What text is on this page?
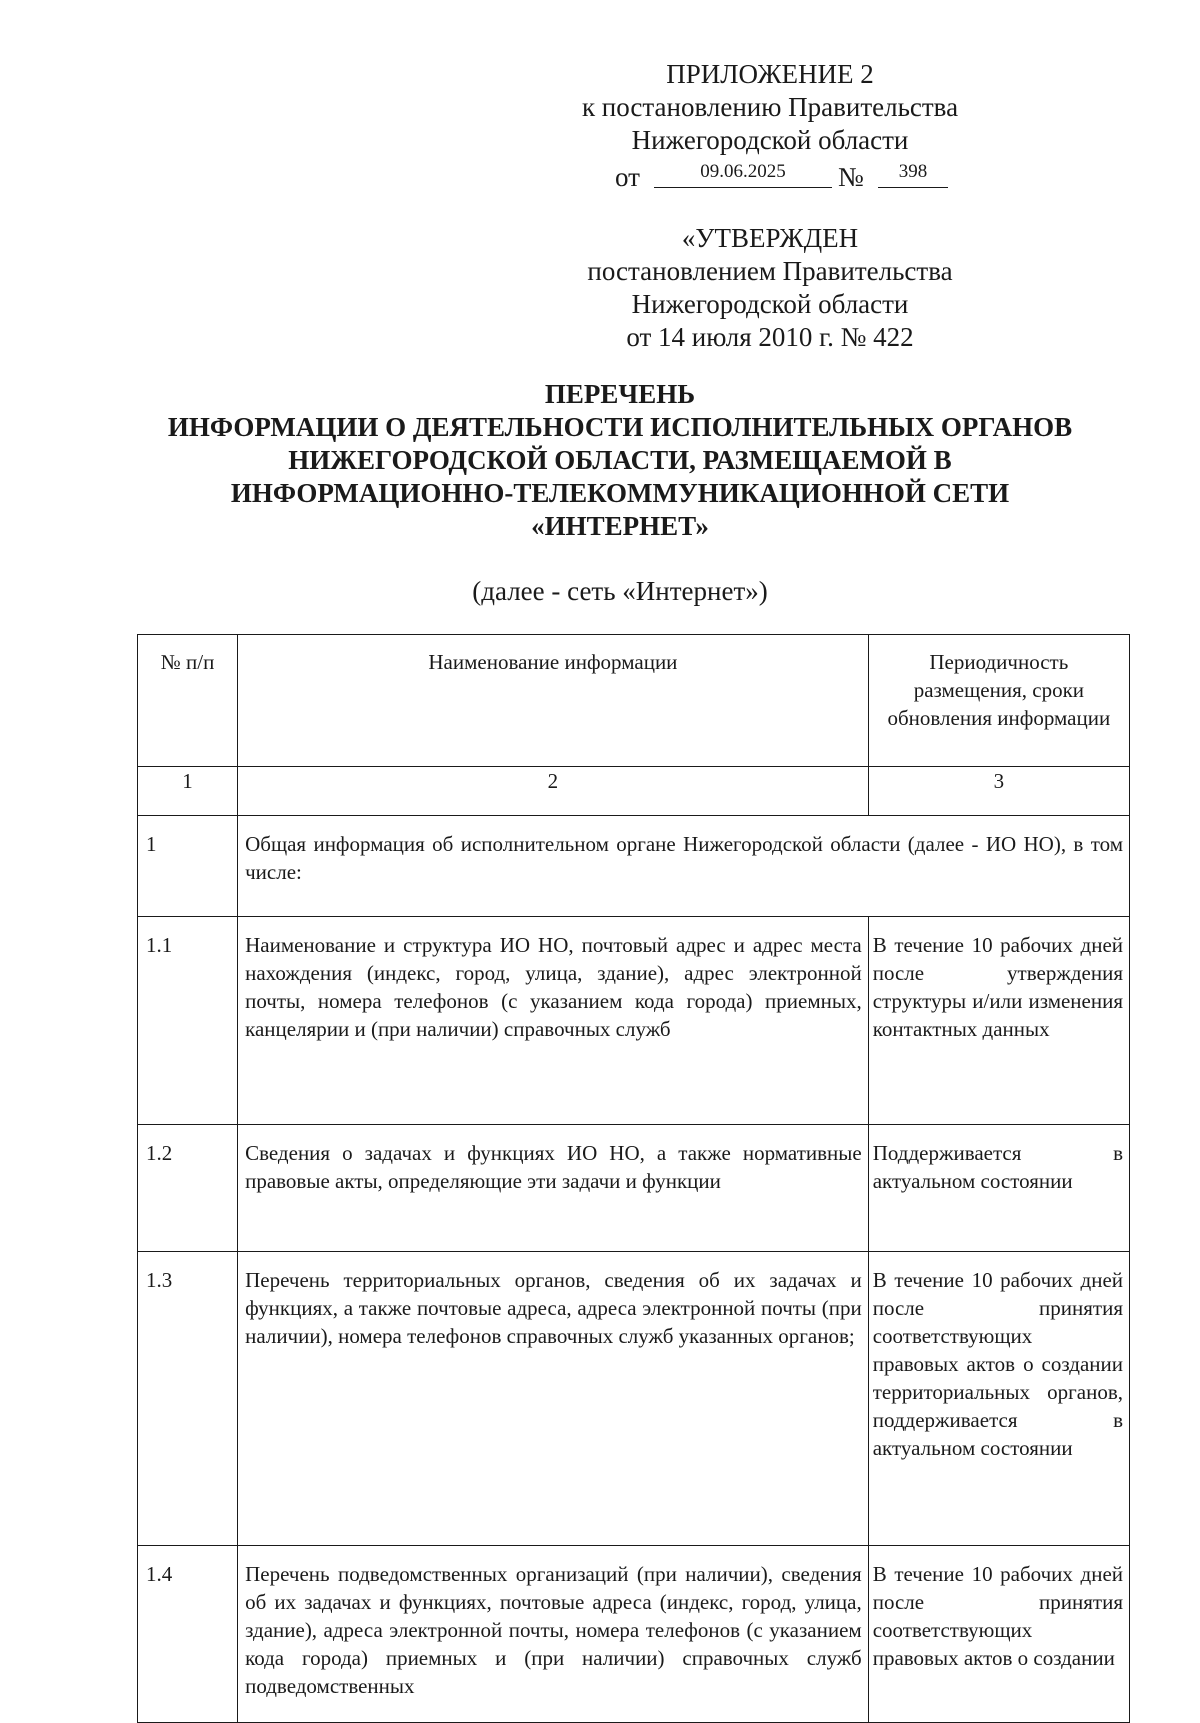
ПРИЛОЖЕНИЕ 2
к постановлению Правительства
Нижегородской области
от	09.06.2025	№	398
«УТВЕРЖДЕН
постановлением Правительства
Нижегородской области
от 14 июля 2010 г. № 422
ПЕРЕЧЕНЬ
ИНФОРМАЦИИ О ДЕЯТЕЛЬНОСТИ ИСПОЛНИТЕЛЬНЫХ ОРГАНОВ
НИЖЕГОРОДСКОЙ ОБЛАСТИ, РАЗМЕЩАЕМОЙ В
ИНФОРМАЦИОННО-ТЕЛЕКОММУНИКАЦИОННОЙ СЕТИ
«ИНТЕРНЕТ»
(далее - сеть «Интернет»)
№ п/п	Наименование информации	Периодичность размещения, сроки обновления информации

1	2	3
1	Общая информация об исполнительном органе Нижегородской области (далее - ИО НО), в том числе:	
1.1	Наименование и структура ИО НО, почтовый адрес и адрес места нахождения (индекс, город, улица, здание), адрес электронной почты, номера телефонов (с указанием кода города) приемных, канцелярии и (при наличии) справочных служб	В течение 10 рабочих дней после утверждения структуры и/или изменения контактных данных
1.2	Сведения о задачах и функциях ИО НО, а также нормативные правовые акты, определяющие эти задачи и функции	Поддерживается в актуальном состоянии
1.3	Перечень территориальных органов, сведения об их задачах и функциях, а также почтовые адреса, адреса электронной почты (при наличии), номера телефонов справочных служб указанных органов;	В течение 10 рабочих дней после принятия соответствующих правовых актов о создании территориальных органов, поддерживается в актуальном состоянии
1.4	Перечень подведомственных организаций (при наличии), сведения об их задачах и функциях, почтовые адреса (индекс, город, улица, здание), адреса электронной почты, номера телефонов (с указанием кода города) приемных и (при наличии) справочных служб подведомственных	В течение 10 рабочих дней после принятия соответствующих правовых актов о создании
